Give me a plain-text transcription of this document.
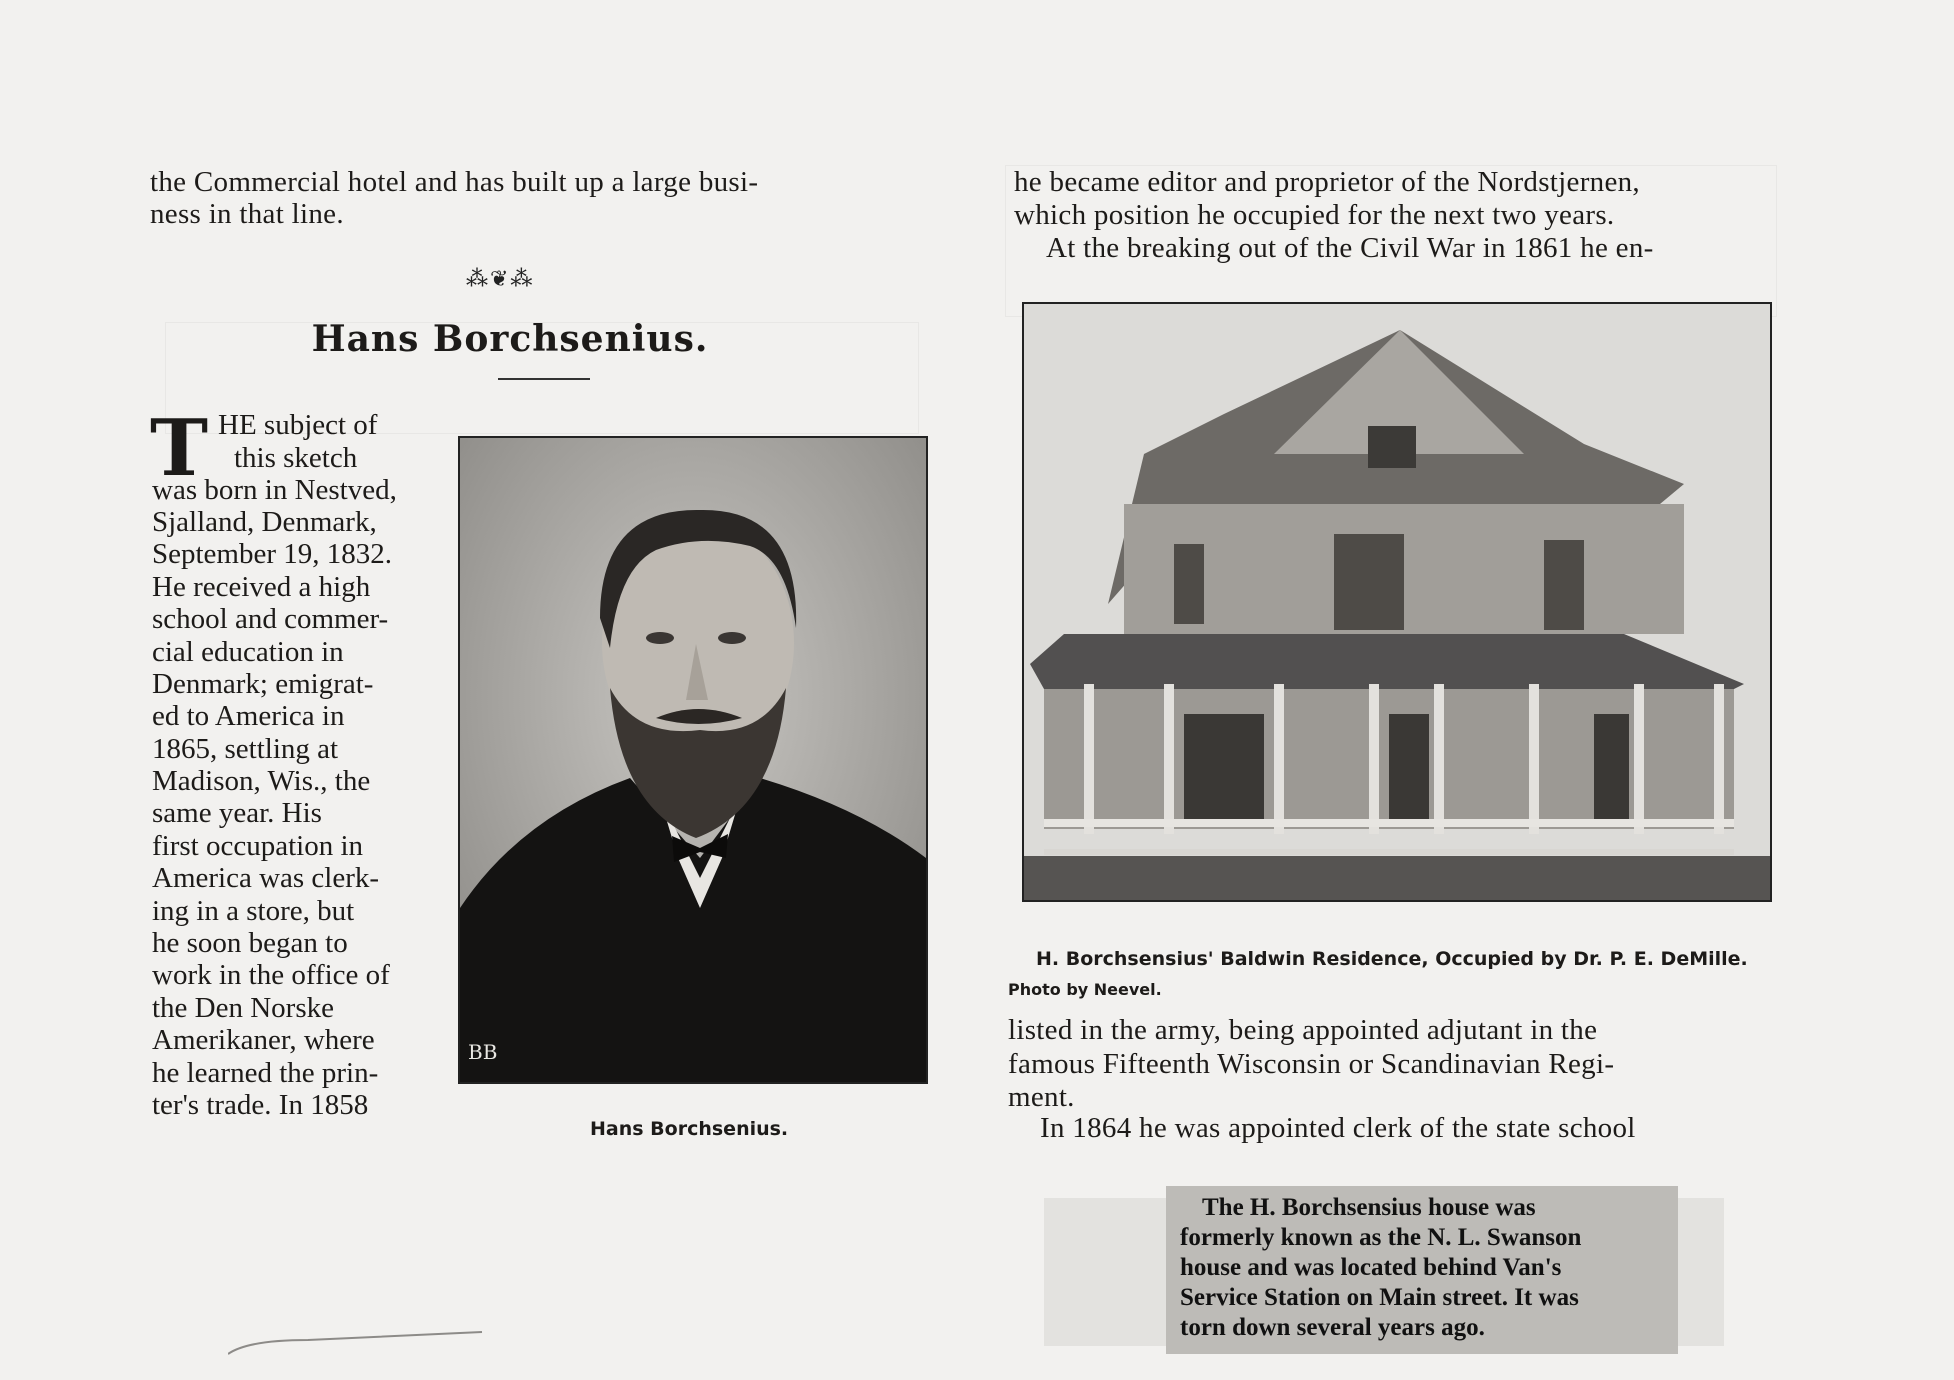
the Commercial hotel and has built up a large busi-
ness in that line.
⁂❦⁂
Hans Borchsenius.
T HE subject of
this sketch
was born in Nestved,
Sjalland, Denmark,
September 19, 1832.
He received a high
school and commer-
cial education in
Denmark; emigrat-
ed to America in
1865, settling at
Madison, Wis., the
same year. His
first occupation in
America was clerk-
ing in a store, but
he soon began to
work in the office of
the Den Norske
Amerikaner, where
he learned the prin-
ter's trade. In 1858
BB
Hans Borchsenius.
he became editor and proprietor of the Nordstjernen,
which position he occupied for the next two years.
At the breaking out of the Civil War in 1861 he en-
H. Borchsensius' Baldwin Residence, Occupied by Dr. P. E. DeMille.
Photo by Neevel.
listed in the army, being appointed adjutant in the
famous Fifteenth Wisconsin or Scandinavian Regi-
ment.
In 1864 he was appointed clerk of the state school
The H. Borchsensius house was
formerly known as the N. L. Swanson
house and was located behind Van's
Service Station on Main street. It was
torn down several years ago.
